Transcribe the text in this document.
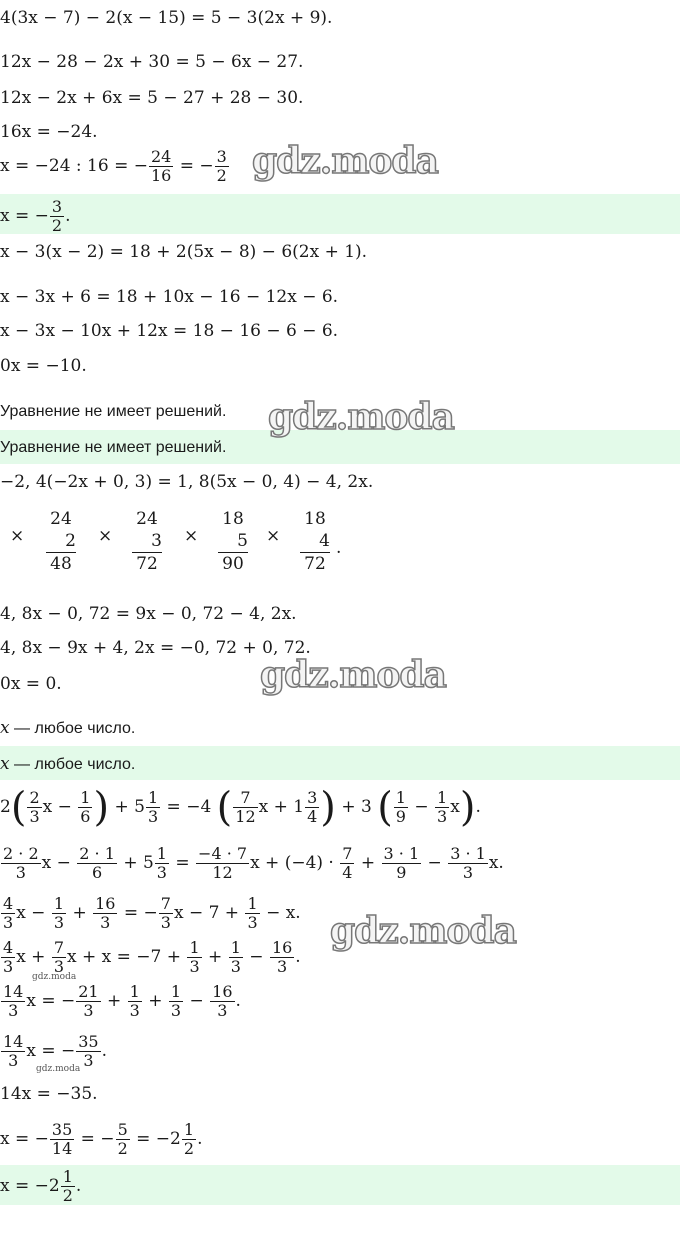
4(3x − 7) − 2(x − 15) = 5 − 3(2x + 9).
12x − 28 − 2x + 30 = 5 − 6x − 27.
12x − 2x + 6x = 5 − 27 + 28 − 30.
16x = −24.
x = −24 : 16 = − $\frac{24}{16}$ = − $\frac{3}{2}$
x = − $\frac{3}{2}$ .
x − 3(x − 2) = 18 + 2(5x − 8) − 6(2x + 1).
x − 3x + 6 = 18 + 10x − 16 − 12x − 6.
x − 3x − 10x + 12x = 18 − 16 − 6 − 6.
0x = −10.
Уравнение не имеет решений.
Уравнение не имеет решений.
−2, 4(−2x + 0, 3) = 1, 8(5x − 0, 4) − 4, 2x.
×
24
2
48
×
24
3
72
×
18
5
90
×
18
4
72
.
4, 8x − 0, 72 = 9x − 0, 72 − 4, 2x.
4, 8x − 9x + 4, 2x = −0, 72 + 0, 72.
0x = 0.
x — любое число.
x — любое число.
$2( \frac{2}{3}$ $x - \frac{1}{6}$ ) + $5 \frac{1}{3} = -4$ ( $\frac{7}{12}$ $x + 1 \frac{3}{4}$ ) + 3 ( $\frac{1}{9} - \frac{1}{3} x$).
$\frac{2 \cdot 2}{3}$ $x - \frac{2 \cdot 1}{6} + 5 \frac{1}{3} = \frac{-4 \cdot 7}{12}$ $x + (-4) \cdot \frac{7}{4} + \frac{3 \cdot 1}{9} - \frac{3 \cdot 1}{3} x$.
$\frac{4}{3}$ $x - \frac{1}{3} + \frac{16}{3}$ = − $\frac{7}{3}$ $x - 7 + \frac{1}{3} - x$.
$\frac{4}{3}$ $x + \frac{7}{3}$ $x + x = -7 + \frac{1}{3} + \frac{1}{3} - \frac{16}{3}$ .
$\frac{14}{3}$ x = − $\frac{21}{3} + \frac{1}{3} + \frac{1}{3} - \frac{16}{3}$ .
$\frac{14}{3}$ x = − $\frac{35}{3}$ .
14x = −35.
x = − $\frac{35}{14}$ = − $\frac{5}{2} = -2 \frac{1}{2}$ .
$x = -2 \frac{1}{2}$ .
gdz.moda
gdz.moda
gdz.moda
gdz.moda
gdz.moda
gdz.moda
